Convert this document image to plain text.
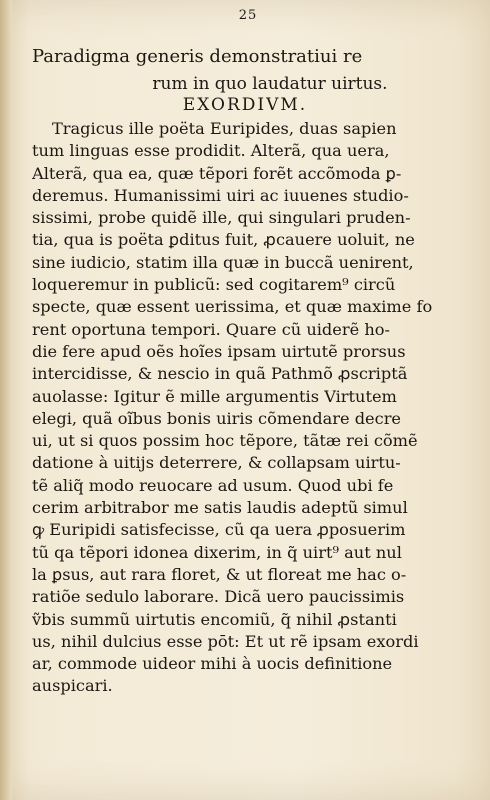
25
Paradigma generis demonstratiui re
rum in quo laudatur uirtus.
EXORDIVM.
Tragicus ille poëta Euripides, duas sapien
tum linguas esse prodidit. Alterã, qua uera,
Alterã, qua ea, quæ tẽpori forẽt accõmoda ꝑ-
deremus. Humanissimi uiri ac iuuenes studio-
sissimi, probe quidẽ ille, qui singulari pruden-
tia, qua is poëta ꝑditus fuit, ꝓcauere uoluit, ne
sine iudicio, statim illa quæ in buccã uenirent,
loqueremur in publicũ: sed cogitarem⁹ circũ
specte, quæ essent uerissima, et quæ maxime fo
rent oportuna tempori. Quare cũ uiderẽ ho-
die fere apud oẽs hoĩes ipsam uirtutẽ prorsus
intercidisse, & nescio in quã Pathmõ ꝓscriptã
auolasse: Igitur ẽ mille argumentis Virtutem
elegi, quã oĩbus bonis uiris cõmendare decre
ui, ut si quos possim hoc tẽpore, tãtæ rei cõmẽ
datione à uitijs deterrere, & collapsam uirtu-
tẽ aliq̃ modo reuocare ad usum. Quod ubi fe
cerim arbitrabor me satis laudis adeptũ simul
ꝙ Euripidi satisfecisse, cũ qa uera ꝓposuerim
tũ qa tẽpori idonea dixerim, in q̃ uirt⁹ aut nul
la ꝑsus, aut rara floret, & ut floreat me hac o-
ratiõe sedulo laborare. Dicã uero paucissimis
ṽbis summũ uirtutis encomiũ, q̃ nihil ꝓstanti
us, nihil dulcius esse pōt: Et ut rẽ ipsam exordi
ar, commode uideor mihi à uocis definitione
auspicari.
